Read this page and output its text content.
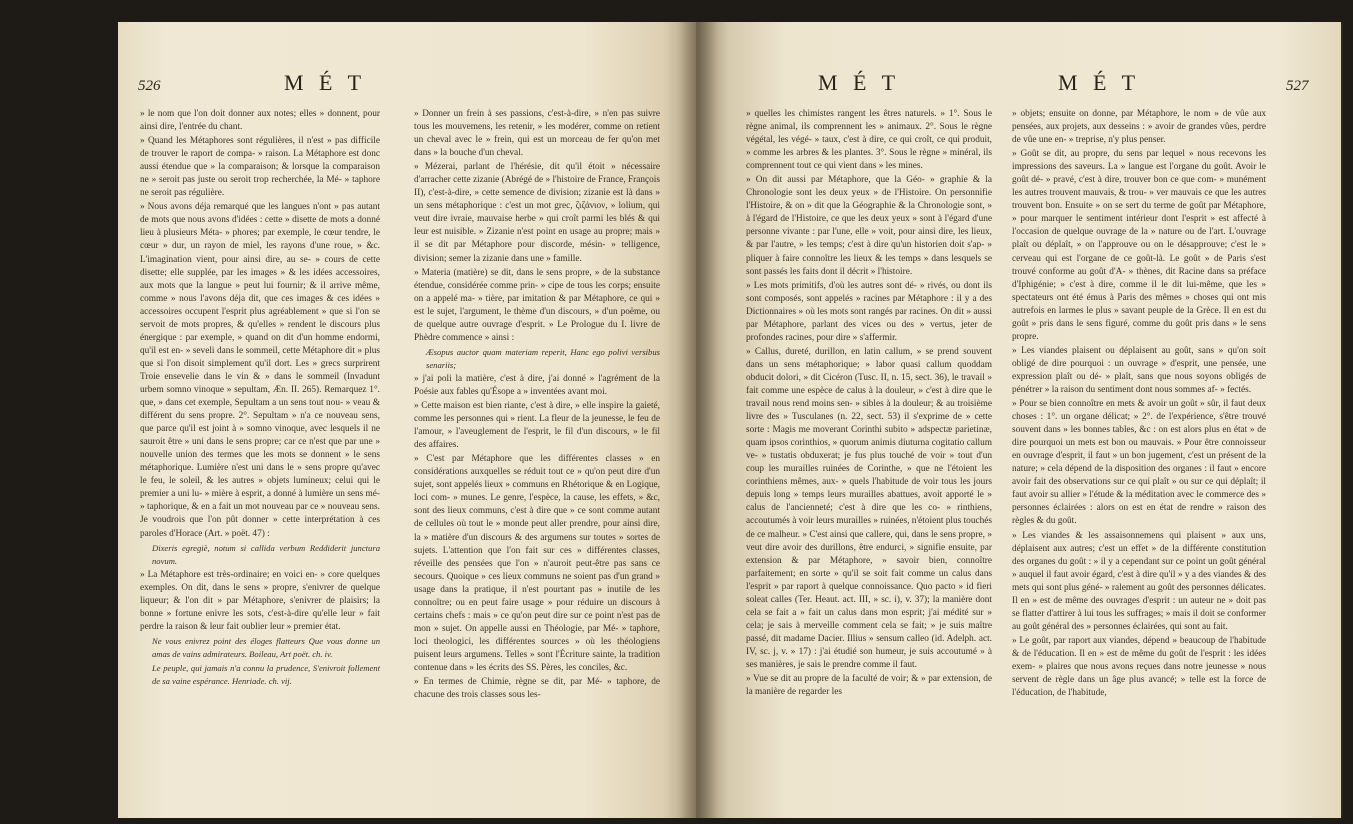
526	M É T

» le nom que l'on doit donner aux notes; elles » donnent, pour ainsi dire, l'entrée du chant.

» Quand les Métaphores sont régulières, il n'est » pas difficile de trouver le raport de compa- » raison. La Métaphore est donc aussi étendue que » la comparaison; & lorsque la comparaison ne » seroit pas juste ou seroit trop recherchée, la Mé- » taphore ne seroit pas régulière.

» Nous avons déja remarqué que les langues n'ont » pas autant de mots que nous avons d'idées : cette » disette de mots a donné lieu à plusieurs Méta- » phores; par exemple, le cœur tendre, le cœur » dur, un rayon de miel, les rayons d'une roue, » &c. L'imagination vient, pour ainsi dire, au se- » cours de cette disette; elle supplée, par les images » & les idées accessoires, aux mots que la langue » peut lui fournir; & il arrive même, comme » nous l'avons déja dit, que ces images & ces idées » accessoires occupent l'esprit plus agréablement » que si l'on se servoit de mots propres, & qu'elles » rendent le discours plus énergique : par exemple, » quand on dit d'un homme endormi, qu'il est en- » seveli dans le sommeil, cette Métaphore dit » plus que si l'on disoit simplement qu'il dort. Les » grecs surprirent Troie ensevelie dans le vin & » dans le sommeil (Invadunt urbem somno vinoque » sepultam, Æn. II. 265). Remarquez 1°. que, » dans cet exemple, Sepultam a un sens tout nou- » veau & différent du sens propre. 2°. Sepultam » n'a ce nouveau sens, que parce qu'il est joint à » somno vinoque, avec lesquels il ne sauroit être » uni dans le sens propre; car ce n'est que par une » nouvelle union des termes que les mots se donnent » le sens métaphorique. Lumière n'est uni dans le » sens propre qu'avec le feu, le soleil, & les autres » objets lumineux; celui qui le premier a uni lu- » mière à esprit, a donné à lumière un sens mé- » taphorique, & en a fait un mot nouveau par ce » nouveau sens. Je voudrois que l'on pût donner » cette interprétation à ces paroles d'Horace (Art. » poët. 47) :

Dixeris egregiè, notum si callida verbum Reddiderit junctura novum.

» La Métaphore est très-ordinaire; en voici en- » core quelques exemples. On dit, dans le sens » propre, s'enivrer de quelque liqueur; & l'on dit » par Métaphore, s'enivrer de plaisirs; la bonne » fortune enivre les sots, c'est-à-dire qu'elle leur » fait perdre la raison & leur fait oublier leur » premier état.

Ne vous enivrez point des éloges flatteurs Que vous donne un amas de vains admirateurs. Boileau, Art poët. ch. iv.

Le peuple, qui jamais n'a connu la prudence, S'enivroit follement de sa vaine espérance. Henriade. ch. vij.

» Donner un frein à ses passions, c'est-à-dire, » n'en pas suivre tous les mouvemens, les retenir, » les modérer, comme on retient un cheval avec le » frein, qui est un morceau de fer qu'on met dans » la bouche d'un cheval.

» Mézerai, parlant de l'hérésie, dit qu'il étoit » nécessaire d'arracher cette zizanie (Abrégé de » l'histoire de France, François II), c'est-à-dire, » cette semence de division; zizanie est là dans » un sens métaphorique : c'est un mot grec, ζιζάνιον, » lolium, qui veut dire ivraie, mauvaise herbe » qui croît parmi les blés & qui leur est nuisible. » Zizanie n'est point en usage au propre; mais » il se dit par Métaphore pour discorde, mésin- » telligence, division; semer la zizanie dans une » famille.

» Materia (matière) se dit, dans le sens propre, » de la substance étendue, considérée comme prin- » cipe de tous les corps; ensuite on a appelé ma- » tière, par imitation & par Métaphore, ce qui » est le sujet, l'argument, le thème d'un discours, » d'un poëme, ou de quelque autre ouvrage d'esprit. » Le Prologue du I. livre de Phèdre commence » ainsi :

Æsopus auctor quam materiam reperit, Hanc ego polivi versibus senariis;

» j'ai poli la matière, c'est à dire, j'ai donné » l'agrément de la Poésie aux fables qu'Ésope a » inventées avant moi.

» Cette maison est bien riante, c'est à dire, » elle inspire la gaieté, comme les personnes qui » rient. La fleur de la jeunesse, le feu de l'amour, » l'aveuglement de l'esprit, le fil d'un discours, » le fil des affaires.

» C'est par Métaphore que les différentes classes » en considérations auxquelles se réduit tout ce » qu'on peut dire d'un sujet, sont appelés lieux » communs en Rhétorique & en Logique, loci com- » munes. Le genre, l'espèce, la cause, les effets, » &c, sont des lieux communs, c'est à dire que » ce sont comme autant de cellules où tout le » monde peut aller prendre, pour ainsi dire, la » matière d'un discours & des argumens sur toutes » sortes de sujets. L'attention que l'on fait sur ces » différentes classes, réveille des pensées que l'on » n'auroit peut-être pas sans ce secours. Quoique » ces lieux communs ne soient pas d'un grand » usage dans la pratique, il n'est pourtant pas » inutile de les connoître; ou en peut faire usage » pour réduire un discours à certains chefs : mais » ce qu'on peut dire sur ce point n'est pas de mon » sujet. On appelle aussi en Théologie, par Mé- » taphore, loci theologici, les différentes sources » où les théologiens puisent leurs argumens. Telles » sont l'Écriture sainte, la tradition contenue dans » les écrits des SS. Pères, les conciles, &c.

» En termes de Chimie, règne se dit, par Mé- » taphore, de chacune des trois classes sous les-

M É T	M É T	527

» quelles les chimistes rangent les êtres naturels. » 1°. Sous le règne animal, ils comprennent les » animaux. 2°. Sous le règne végétal, les végé- » taux, c'est à dire, ce qui croît, ce qui produit, » comme les arbres & les plantes. 3°. Sous le règne » minéral, ils comprennent tout ce qui vient dans » les mines.

» On dit aussi par Métaphore, que la Géo- » graphie & la Chronologie sont les deux yeux » de l'Histoire. On personnifie l'Histoire, & on » dit que la Géographie & la Chronologie sont, » à l'égard de l'Histoire, ce que les deux yeux » sont à l'égard d'une personne vivante : par l'une, elle » voit, pour ainsi dire, les lieux, & par l'autre, » les temps; c'est à dire qu'un historien doit s'ap- » pliquer à faire connoître les lieux & les temps » dans lesquels se sont passés les faits dont il décrit » l'histoire.

» Les mots primitifs, d'où les autres sont dé- » rivés, ou dont ils sont composés, sont appelés » racines par Métaphore : il y a des Dictionnaires » où les mots sont rangés par racines. On dit » aussi par Métaphore, parlant des vices ou des » vertus, jeter de profondes racines, pour dire » s'affermir.

» Callus, dureté, durillon, en latin callum, » se prend souvent dans un sens métaphorique; » labor quasi callum quoddam obducit dolori, » dit Cicéron (Tusc. II, n. 15, sect. 36), le travail » fait comme une espèce de calus à la douleur, » c'est à dire que le travail nous rend moins sen- » sibles à la douleur; & au troisième livre des » Tusculanes (n. 22, sect. 53) il s'exprime de » cette sorte : Magis me moverant Corinthi subito » adspectæ parietinæ, quam ipsos corinthios, » quorum animis diuturna cogitatio callum ve- » tustatis obduxerat; je fus plus touché de voir » tout d'un coup les murailles ruinées de Corinthe, » que ne l'étoient les corinthiens mêmes, aux- » quels l'habitude de voir tous les jours depuis long » temps leurs murailles abattues, avoit apporté le » calus de l'ancienneté; c'est à dire que les co- » rinthiens, accoutumés à voir leurs murailles » ruinées, n'étoient plus touchés de ce malheur. » C'est ainsi que callere, qui, dans le sens propre, » veut dire avoir des durillons, être endurci, » signifie ensuite, par extension & par Métaphore, » savoir bien, connoître parfaitement; en sorte » qu'il se soit fait comme un calus dans l'esprit » par raport à quelque connoissance. Quo pacto » id fieri soleat calles (Ter. Heaut. act. III, » sc. i), v. 37); la manière dont cela se fait a » fait un calus dans mon esprit; j'ai médité sur » cela; je sais à merveille comment cela se fait; » je suis maître passé, dit madame Dacier. Illius » sensum calleo (id. Adelph. act. IV, sc. j, v. » 17) : j'ai étudié son humeur, je suis accoutumé » à ses manières, je sais le prendre comme il faut.

» Vue se dit au propre de la faculté de voir; & » par extension, de la manière de regarder les

» objets; ensuite on donne, par Métaphore, le nom » de vûe aux pensées, aux projets, aux desseins : » avoir de grandes vûes, perdre de vûe une en- » treprise, n'y plus penser.

» Goût se dit, au propre, du sens par lequel » nous recevons les impressions des saveurs. La » langue est l'organe du goût. Avoir le goût dé- » pravé, c'est à dire, trouver bon ce que com- » munément les autres trouvent mauvais, & trou- » ver mauvais ce que les autres trouvent bon. Ensuite » on se sert du terme de goût par Métaphore, » pour marquer le sentiment intérieur dont l'esprit » est affecté à l'occasion de quelque ouvrage de la » nature ou de l'art. L'ouvrage plaît ou déplaît, » on l'approuve ou on le désapprouve; c'est le » cerveau qui est l'organe de ce goût-là. Le goût » de Paris s'est trouvé conforme au goût d'A- » thènes, dit Racine dans sa préface d'Iphigénie; » c'est à dire, comme il le dit lui-même, que les » spectateurs ont été émus à Paris des mêmes » choses qui ont mis autrefois en larmes le plus » savant peuple de la Grèce. Il en est du goût » pris dans le sens figuré, comme du goût pris dans » le sens propre.

» Les viandes plaisent ou déplaisent au goût, sans » qu'on soit obligé de dire pourquoi : un ouvrage » d'esprit, une pensée, une expression plaît ou dé- » plaît, sans que nous soyons obligés de pénétrer » la raison du sentiment dont nous sommes af- » fectés.

» Pour se bien connoître en mets & avoir un goût » sûr, il faut deux choses : 1°. un organe délicat; » 2°. de l'expérience, s'être trouvé souvent dans » les bonnes tables, &c : on est alors plus en état » de dire pourquoi un mets est bon ou mauvais. » Pour être connoisseur en ouvrage d'esprit, il faut » un bon jugement, c'est un présent de la nature; » cela dépend de la disposition des organes : il faut » encore avoir fait des observations sur ce qui plaît » ou sur ce qui déplaît; il faut avoir su allier » l'étude & la méditation avec le commerce des » personnes éclairées : alors on est en état de rendre » raison des règles & du goût.

» Les viandes & les assaisonnemens qui plaisent » aux uns, déplaisent aux autres; c'est un effet » de la différente constitution des organes du goût : » il y a cependant sur ce point un goût général » auquel il faut avoir égard, c'est à dire qu'il » y a des viandes & des mets qui sont plus géné- » ralement au goût des personnes délicates. Il en » est de même des ouvrages d'esprit : un auteur ne » doit pas se flatter d'attirer à lui tous les suffrages; » mais il doit se conformer au goût général des » personnes éclairées, qui sont au fait.

» Le goût, par raport aux viandes, dépend » beaucoup de l'habitude & de l'éducation. Il en » est de même du goût de l'esprit : les idées exem- » plaires que nous avons reçues dans notre jeunesse » nous servent de règle dans un âge plus avancé; » telle est la force de l'éducation, de l'habitude,
